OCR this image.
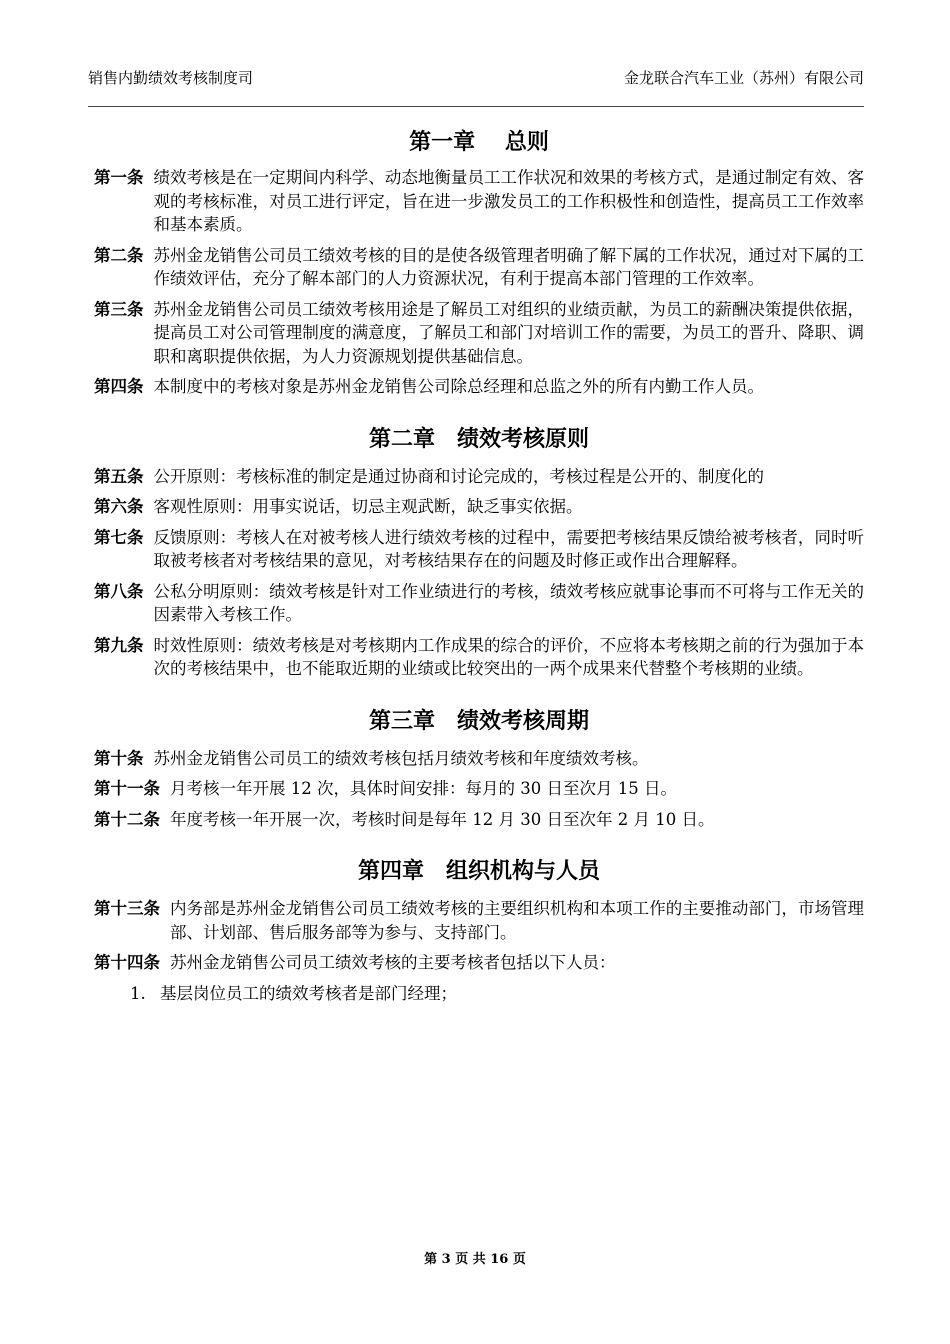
销售内勤绩效考核制度司	金龙联合汽车工业（苏州）有限公司
第一章　 总则
第一条 绩效考核是在一定期间内科学、动态地衡量员工工作状况和效果的考核方式，是通过制定有效、客观的考核标准，对员工进行评定，旨在进一步激发员工的工作积极性和创造性，提高员工工作效率和基本素质。
第二条 苏州金龙销售公司员工绩效考核的目的是使各级管理者明确了解下属的工作状况，通过对下属的工作绩效评估，充分了解本部门的人力资源状况，有利于提高本部门管理的工作效率。
第三条 苏州金龙销售公司员工绩效考核用途是了解员工对组织的业绩贡献，为员工的薪酬决策提供依据，提高员工对公司管理制度的满意度，了解员工和部门对培训工作的需要，为员工的晋升、降职、调职和离职提供依据，为人力资源规划提供基础信息。
第四条 本制度中的考核对象是苏州金龙销售公司除总经理和总监之外的所有内勤工作人员。
第二章　绩效考核原则
第五条 公开原则：考核标准的制定是通过协商和讨论完成的，考核过程是公开的、制度化的
第六条 客观性原则：用事实说话，切忌主观武断，缺乏事实依据。
第七条 反馈原则：考核人在对被考核人进行绩效考核的过程中，需要把考核结果反馈给被考核者，同时听取被考核者对考核结果的意见，对考核结果存在的问题及时修正或作出合理解释。
第八条 公私分明原则：绩效考核是针对工作业绩进行的考核，绩效考核应就事论事而不可将与工作无关的因素带入考核工作。
第九条 时效性原则：绩效考核是对考核期内工作成果的综合的评价，不应将本考核期之前的行为强加于本次的考核结果中，也不能取近期的业绩或比较突出的一两个成果来代替整个考核期的业绩。
第三章　绩效考核周期
第十条 苏州金龙销售公司员工的绩效考核包括月绩效考核和年度绩效考核。
第十一条 月考核一年开展 12 次，具体时间安排：每月的 30 日至次月 15 日。
第十二条 年度考核一年开展一次，考核时间是每年 12 月 30 日至次年 2 月 10 日。
第四章　组织机构与人员
第十三条 内务部是苏州金龙销售公司员工绩效考核的主要组织机构和本项工作的主要推动部门，市场管理部、计划部、售后服务部等为参与、支持部门。
第十四条 苏州金龙销售公司员工绩效考核的主要考核者包括以下人员：
1. 基层岗位员工的绩效考核者是部门经理；
第 3 页 共 16 页
